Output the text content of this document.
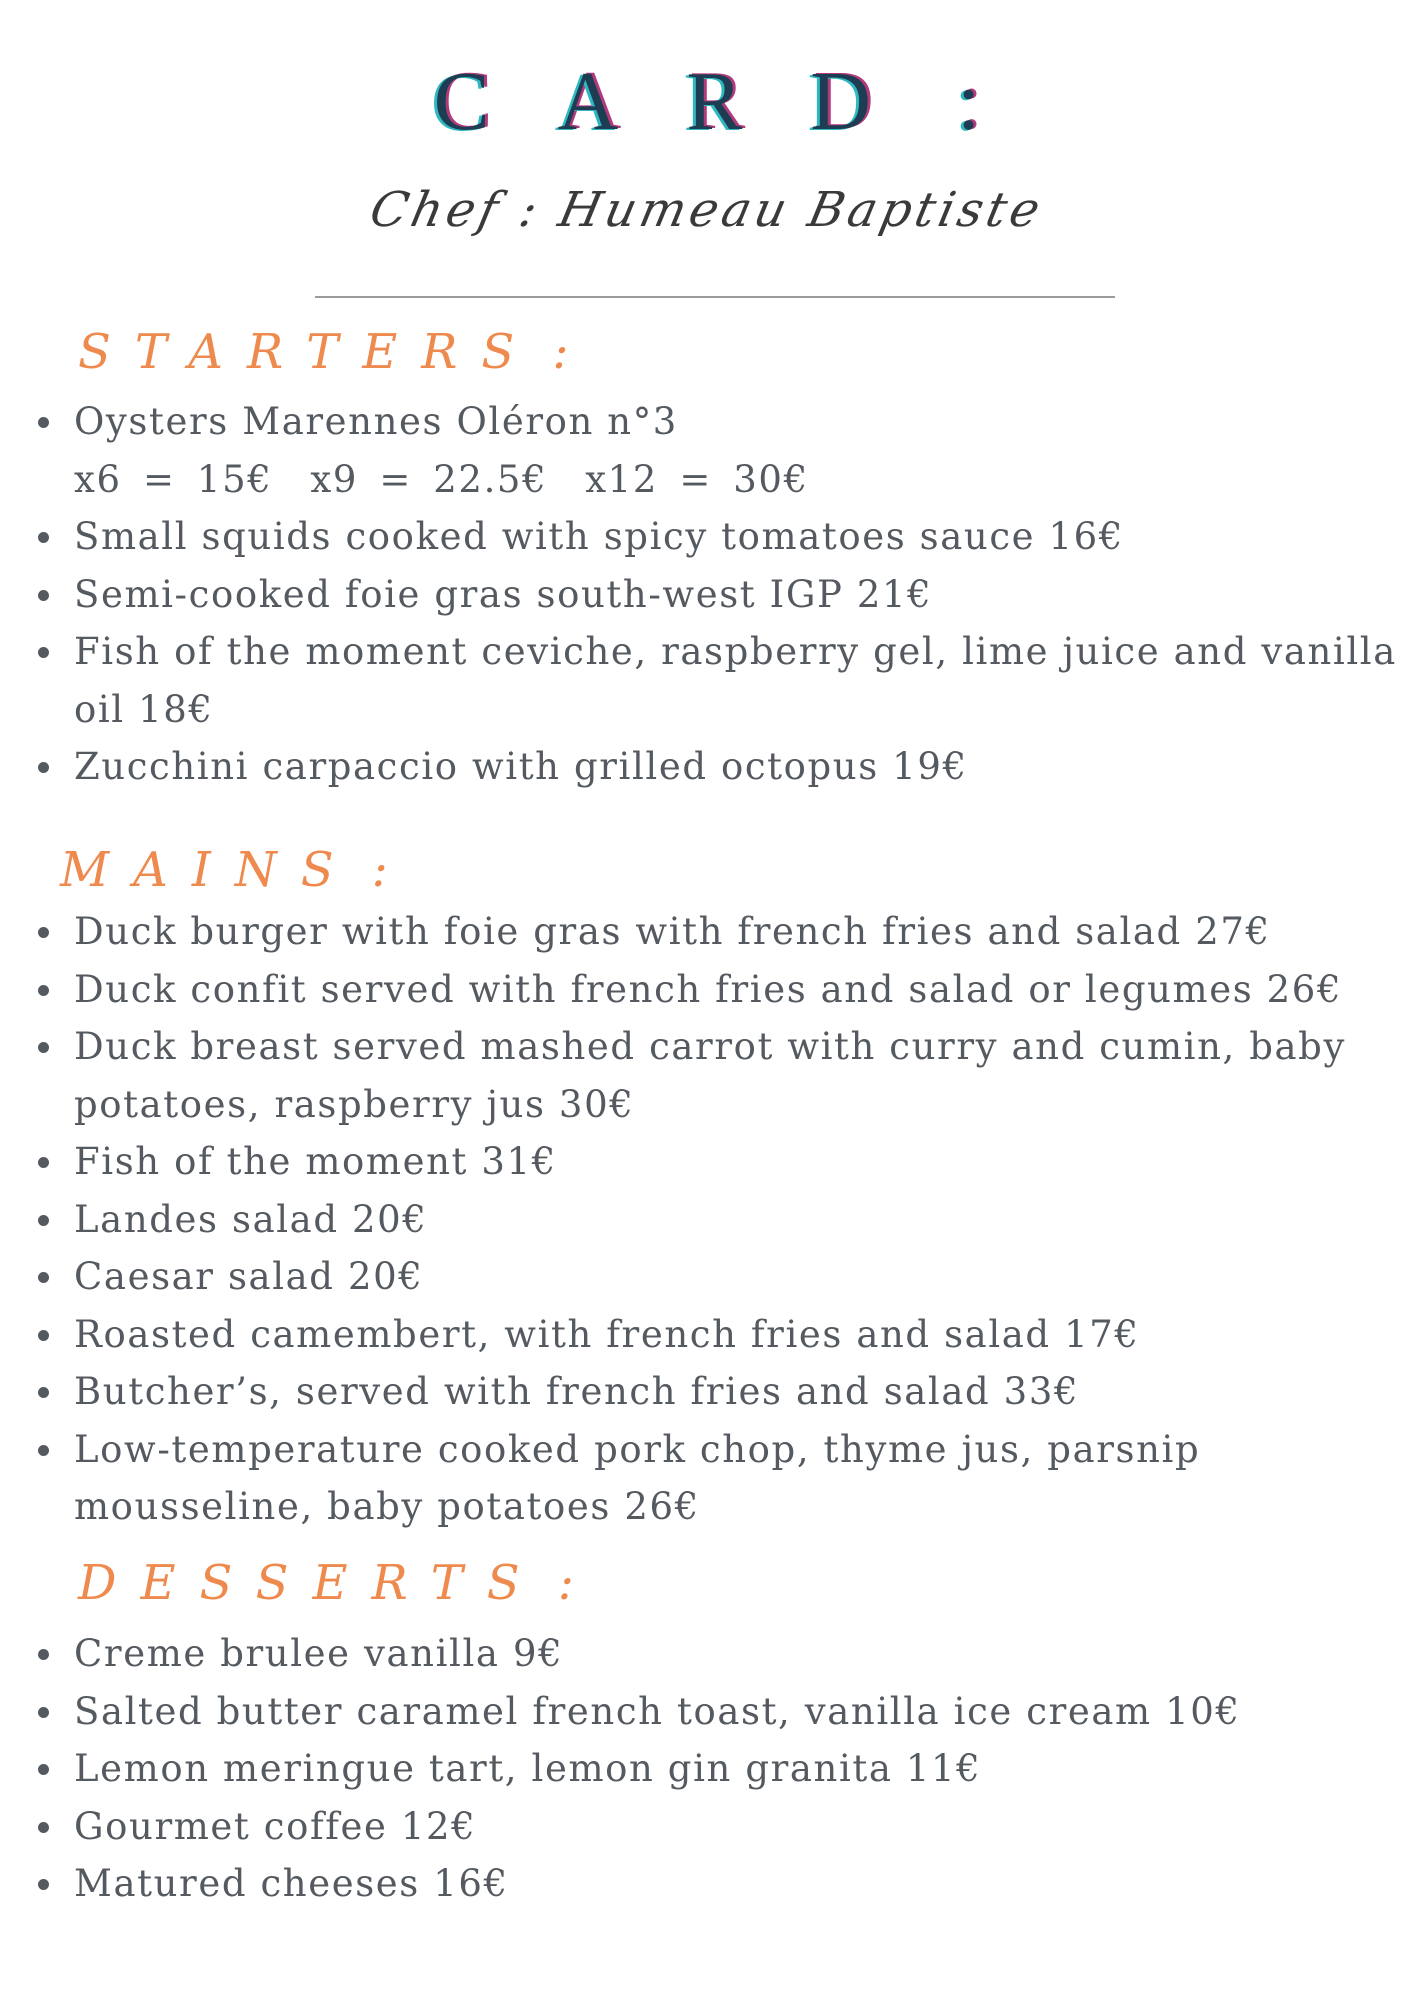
CARD :
Chef : Humeau Baptiste
STARTERS :
Oysters Marennes Oléron n°3
x6 = 15€ x9 = 22.5€ x12 = 30€
Small squids cooked with spicy tomatoes sauce 16€
Semi-cooked foie gras south-west IGP 21€
Fish of the moment ceviche, raspberry gel, lime juice and vanilla
oil 18€
Zucchini carpaccio with grilled octopus 19€
MAINS :
Duck burger with foie gras with french fries and salad 27€
Duck confit served with french fries and salad or legumes 26€
Duck breast served mashed carrot with curry and cumin, baby
potatoes, raspberry jus 30€
Fish of the moment 31€
Landes salad 20€
Caesar salad 20€
Roasted camembert, with french fries and salad 17€
Butcher’s, served with french fries and salad 33€
Low-temperature cooked pork chop, thyme jus, parsnip
mousseline, baby potatoes 26€
DESSERTS :
Creme brulee vanilla 9€
Salted butter caramel french toast, vanilla ice cream 10€
Lemon meringue tart, lemon gin granita 11€
Gourmet coffee 12€
Matured cheeses 16€
